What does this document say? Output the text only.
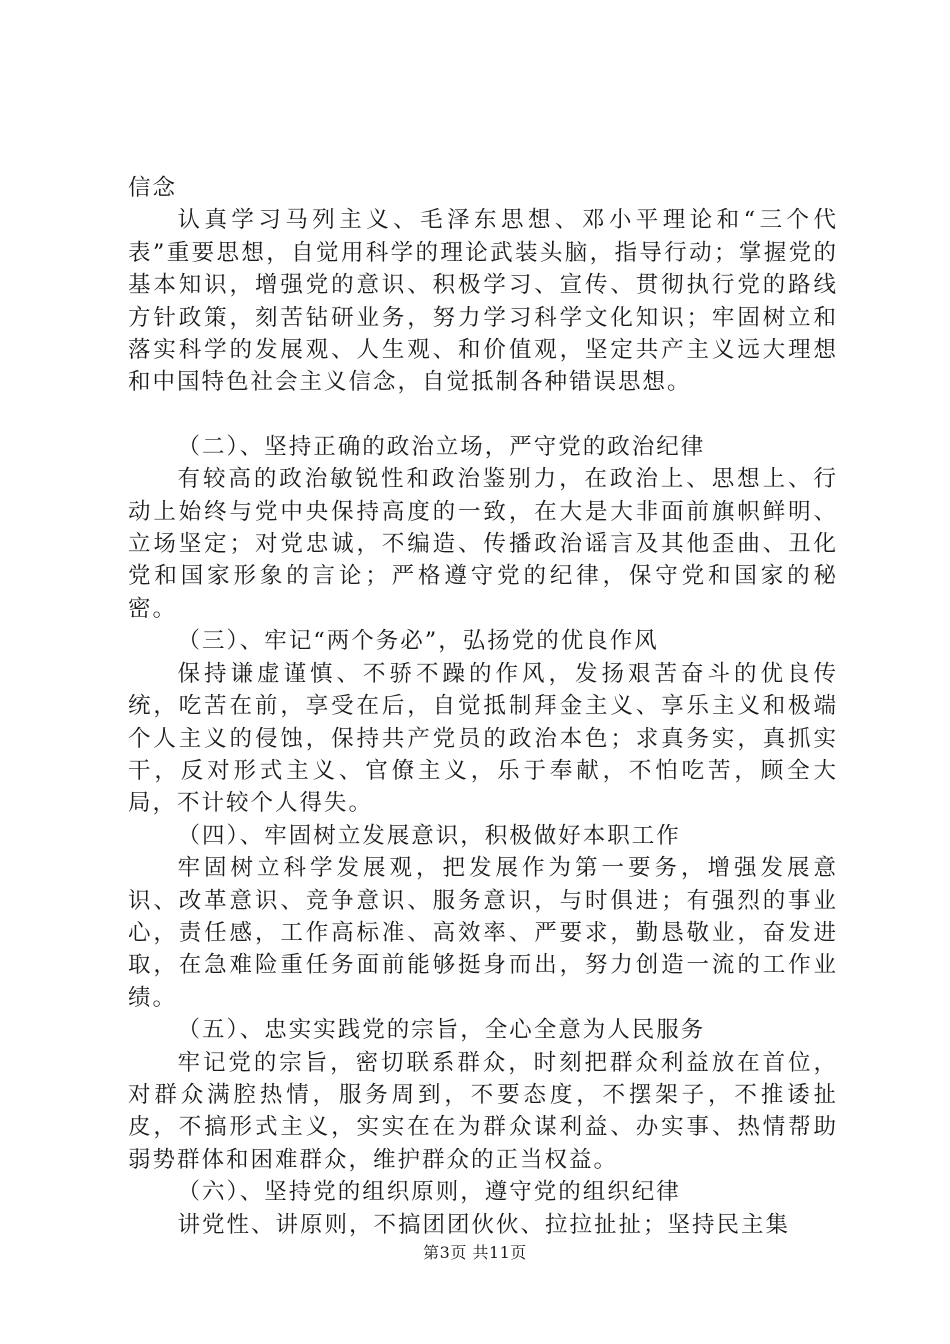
信念

认真学习马列主义、毛泽东思想、邓小平理论和“三个代表”重要思想，自觉用科学的理论武装头脑，指导行动；掌握党的基本知识，增强党的意识、积极学习、宣传、贯彻执行党的路线方针政策，刻苦钻研业务，努力学习科学文化知识；牢固树立和落实科学的发展观、人生观、和价值观，坚定共产主义远大理想和中国特色社会主义信念，自觉抵制各种错误思想。

（二）、坚持正确的政治立场，严守党的政治纪律

有较高的政治敏锐性和政治鉴别力，在政治上、思想上、行动上始终与党中央保持高度的一致，在大是大非面前旗帜鲜明、立场坚定；对党忠诚，不编造、传播政治谣言及其他歪曲、丑化党和国家形象的言论；严格遵守党的纪律，保守党和国家的秘密。

（三）、牢记“两个务必”，弘扬党的优良作风

保持谦虚谨慎、不骄不躁的作风，发扬艰苦奋斗的优良传统，吃苦在前，享受在后，自觉抵制拜金主义、享乐主义和极端个人主义的侵蚀，保持共产党员的政治本色；求真务实，真抓实干，反对形式主义、官僚主义，乐于奉献，不怕吃苦，顾全大局，不计较个人得失。

（四）、牢固树立发展意识，积极做好本职工作

牢固树立科学发展观，把发展作为第一要务，增强发展意识、改革意识、竞争意识、服务意识，与时俱进；有强烈的事业心，责任感，工作高标准、高效率、严要求，勤恳敬业，奋发进取，在急难险重任务面前能够挺身而出，努力创造一流的工作业绩。

（五）、忠实实践党的宗旨，全心全意为人民服务

牢记党的宗旨，密切联系群众，时刻把群众利益放在首位，对群众满腔热情，服务周到，不要态度，不摆架子，不推诿扯皮，不搞形式主义，实实在在为群众谋利益、办实事、热情帮助弱势群体和困难群众，维护群众的正当权益。

（六）、坚持党的组织原则，遵守党的组织纪律

讲党性、讲原则，不搞团团伙伙、拉拉扯扯；坚持民主集

第3页 共11页
